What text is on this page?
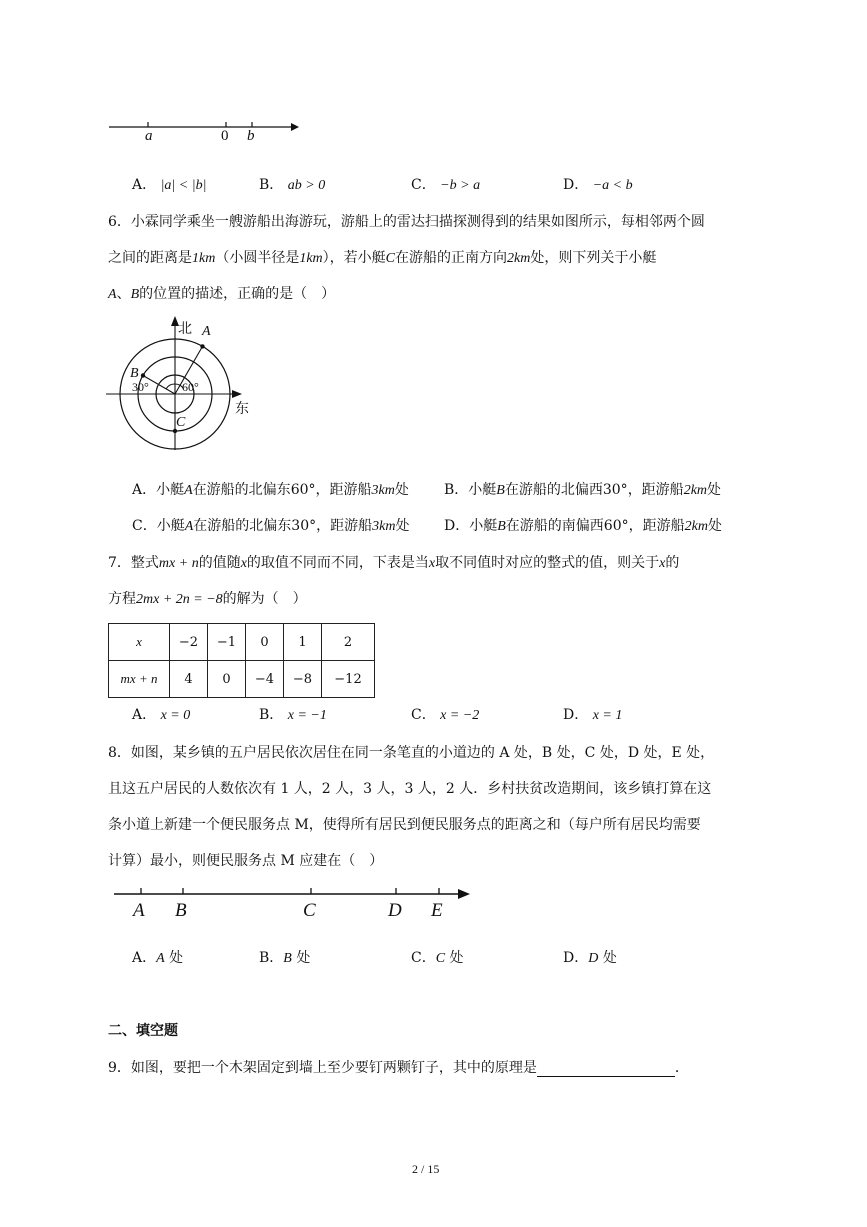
a	0 b
A． |a| < |b|	B． ab > 0	C． −b > a	D． −a < b
6．小霖同学乘坐一艘游船出海游玩，游船上的雷达扫描探测得到的结果如图所示，每相邻两个圆
之间的距离是1km（小圆半径是1km），若小艇C在游船的正南方向2km处，则下列关于小艇
A、B的位置的描述，正确的是（　）
北 A
B
30°	60°
东
C
A．小艇A在游船的北偏东60°，距游船3km处	B．小艇B在游船的北偏西30°，距游船2km处
C．小艇A在游船的北偏东30°，距游船3km处 D．小艇B在游船的南偏西60°，距游船2km处
7．整式mx + n的值随x的取值不同而不同，下表是当x取不同值时对应的整式的值，则关于x的
方程2mx + 2n = −8的解为（　）
x	−2	−1	0	1	2
mx + n	4	0	−4	−8	−12
A． x = 0	B． x = −1	C． x = −2	D． x = 1
8．如图，某乡镇的五户居民依次居住在同一条笔直的小道边的 A 处，B 处，C 处，D 处，E 处，
且这五户居民的人数依次有 1 人，2 人，3 人，3 人，2 人．乡村扶贫改造期间，该乡镇打算在这
条小道上新建一个便民服务点 M，使得所有居民到便民服务点的距离之和（每户所有居民均需要
计算）最小，则便民服务点 M 应建在（　）
A B	C	D E
A．A 处	B．B 处	C．C 处	D．D 处
二、填空题
9．如图，要把一个木架固定到墙上至少要钉两颗钉子，其中的原理是	．
2 / 15
